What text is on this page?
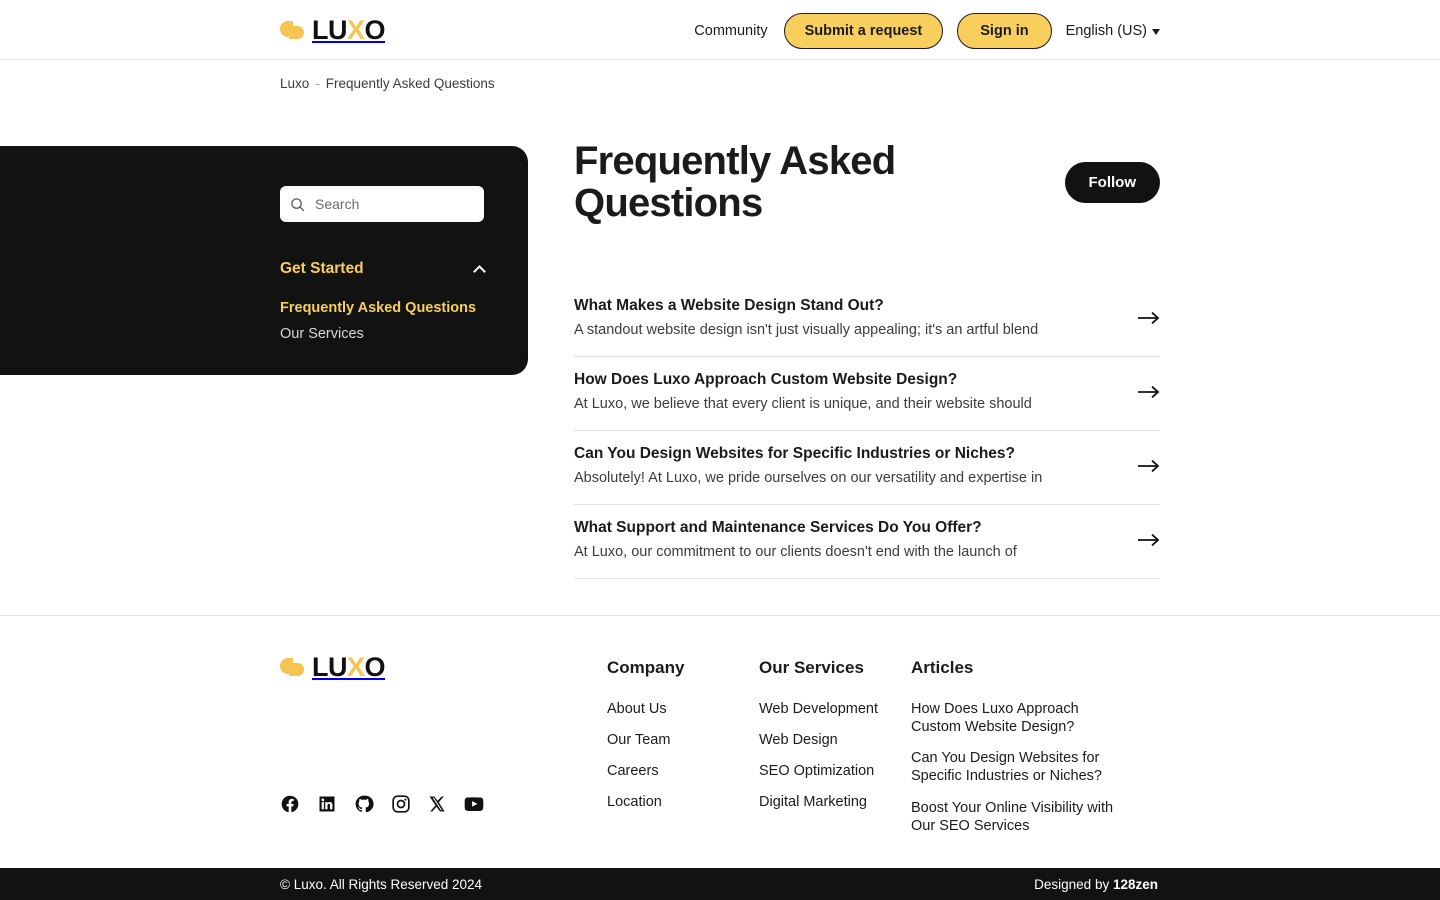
LUXO	Community	Submit a request	Sign in	English (US)
Luxo - Frequently Asked Questions
Search
Get Started
Frequently Asked Questions
Our Services
Frequently Asked Questions	Follow

What Makes a Website Design Stand Out?

A standout website design isn't just visually appealing; it's an artful blend

How Does Luxo Approach Custom Website Design?

At Luxo, we believe that every client is unique, and their website should

Can You Design Websites for Specific Industries or Niches?

Absolutely! At Luxo, we pride ourselves on our versatility and expertise in

What Support and Maintenance Services Do You Offer?

At Luxo, our commitment to our clients doesn't end with the launch of

LUXO	Company
About Us
Our Team
Careers
Location
Our Services
Web Development
Web Design
SEO Optimization
Digital Marketing
Articles
How Does Luxo Approach Custom Website Design?
Can You Design Websites for Specific Industries or Niches?
Boost Your Online Visibility with Our SEO Services
© Luxo. All Rights Reserved 2024	Designed by 128zen
